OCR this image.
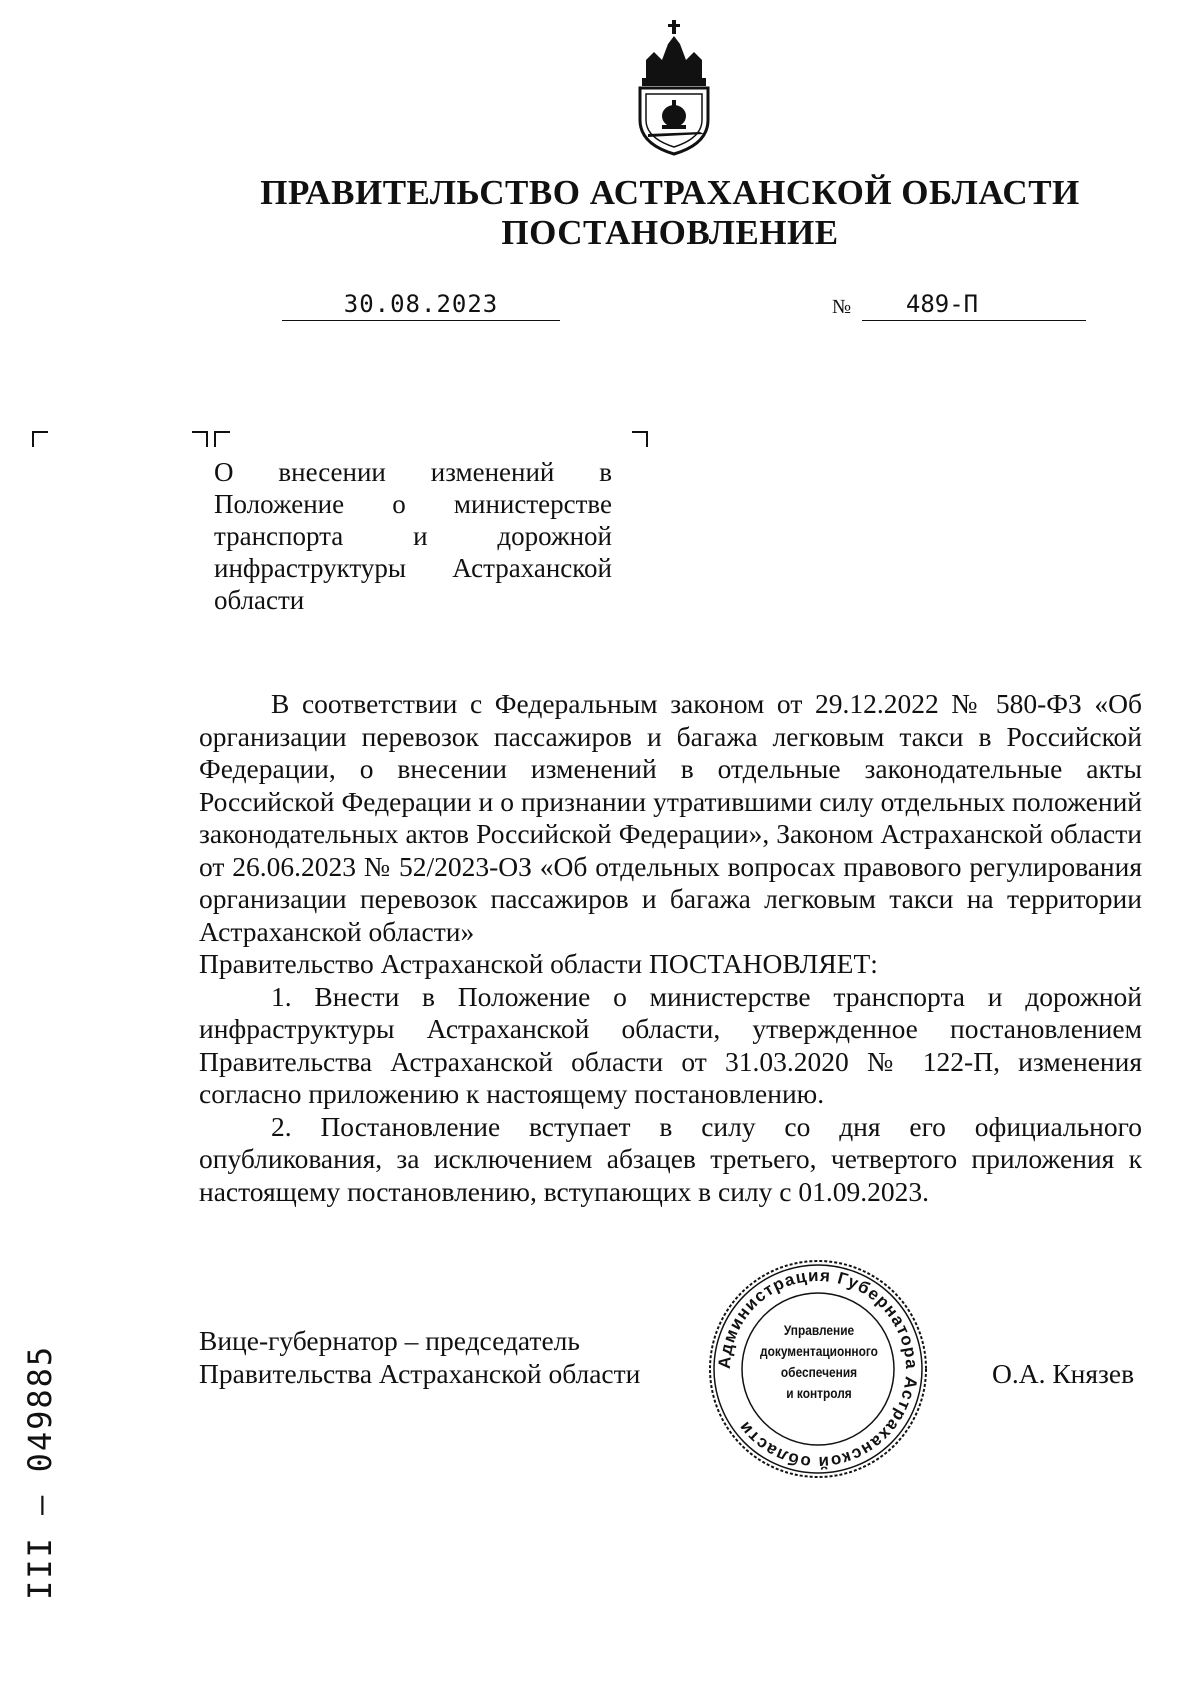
ПРАВИТЕЛЬСТВО АСТРАХАНСКОЙ ОБЛАСТИ
ПОСТАНОВЛЕНИЕ
30.08.2023	№	489-П
О внесении изменений в Положение о министерстве транспорта и дорожной инфраструктуры Астраханской области

В соответствии с Федеральным законом от 29.12.2022 № 580-ФЗ «Об организации перевозок пассажиров и багажа легковым такси в Российской Федерации, о внесении изменений в отдельные законодательные акты Российской Федерации и о признании утратившими силу отдельных положений законодательных актов Российской Федерации», Законом Астраханской области от 26.06.2023 № 52/2023-ОЗ «Об отдельных вопросах правового регулирования организации перевозок пассажиров и багажа легковым такси на территории Астраханской области»

Правительство Астраханской области ПОСТАНОВЛЯЕТ:

1. Внести в Положение о министерстве транспорта и дорожной инфраструктуры Астраханской области, утвержденное постановлением Правительства Астраханской области от 31.03.2020 № 122-П, изменения согласно приложению к настоящему постановлению.

2. Постановление вступает в силу со дня его официального опубликования, за исключением абзацев третьего, четвертого приложения к настоящему постановлению, вступающих в силу с 01.09.2023.

Вице-губернатор – председатель
Правительства Астраханской области	Администрация Губернатора Астраханской области
Управление
документационного
обеспечения
и контроля
О.А. Князев
III – 049885
